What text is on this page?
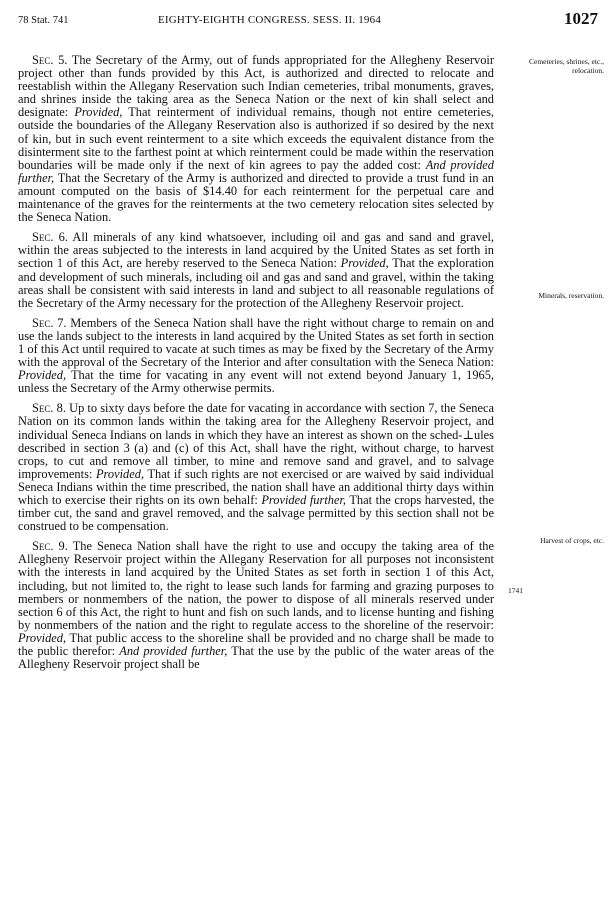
78 Stat. 741	EIGHTY-EIGHTH CONGRESS. SESS. II. 1964	1027

Sec. 5. The Secretary of the Army, out of funds appropriated for the Allegheny Reservoir project other than funds provided by this Act, is authorized and directed to relocate and reestablish within the Allegany Reservation such Indian cemeteries, tribal monuments, graves, and shrines inside the taking area as the Seneca Nation or the next of kin shall select and designate: Provided, That reinterment of individual remains, though not entire cemeteries, outside the boundaries of the Allegany Reservation also is authorized if so desired by the next of kin, but in such event reinterment to a site which exceeds the equivalent distance from the disinterment site to the farthest point at which reinterment could be made within the reservation boundaries will be made only if the next of kin agrees to pay the added cost: And provided further, That the Secretary of the Army is authorized and directed to provide a trust fund in an amount computed on the basis of $14.40 for each reinterment for the perpetual care and maintenance of the graves for the reinterments at the two cemetery relocation sites selected by the Seneca Nation.

Sec. 6. All minerals of any kind whatsoever, including oil and gas and sand and gravel, within the areas subjected to the interests in land acquired by the United States as set forth in section 1 of this Act, are hereby reserved to the Seneca Nation: Provided, That the exploration and development of such minerals, including oil and gas and sand and gravel, within the taking areas shall be consistent with said interests in land and subject to all reasonable regulations of the Secretary of the Army necessary for the protection of the Allegheny Reservoir project.

Sec. 7. Members of the Seneca Nation shall have the right without charge to remain on and use the lands subject to the interests in land acquired by the United States as set forth in section 1 of this Act until required to vacate at such times as may be fixed by the Secretary of the Army with the approval of the Secretary of the Interior and after consultation with the Seneca Nation: Provided, That the time for vacating in any event will not extend beyond January 1, 1965, unless the Secretary of the Army otherwise permits.

Sec. 8. Up to sixty days before the date for vacating in accordance with section 7, the Seneca Nation on its common lands within the taking area for the Allegheny Reservoir project, and individual Seneca Indians on lands in which they have an interest as shown on the sched-⊥ules described in section 3 (a) and (c) of this Act, shall have the right, without charge, to harvest crops, to cut and remove all timber, to mine and remove sand and gravel, and to salvage improvements: Provided, That if such rights are not exercised or are waived by said individual Seneca Indians within the time prescribed, the nation shall have an additional thirty days within which to exercise their rights on its own behalf: Provided further, That the crops harvested, the timber cut, the sand and gravel removed, and the salvage permitted by this section shall not be construed to be compensation.

Sec. 9. The Seneca Nation shall have the right to use and occupy the taking area of the Allegheny Reservoir project within the Allegany Reservation for all purposes not inconsistent with the interests in land acquired by the United States as set forth in section 1 of this Act, including, but not limited to, the right to lease such lands for farming and grazing purposes to members or nonmembers of the nation, the power to dispose of all minerals reserved under section 6 of this Act, the right to hunt and fish on such lands, and to license hunting and fishing by nonmembers of the nation and the right to regulate access to the shoreline of the reservoir: Provided, That public access to the shoreline shall be provided and no charge shall be made to the public therefor: And provided further, That the use by the public of the water areas of the Allegheny Reservoir project shall be

Cemeteries, shrines, etc., relocation.
Minerals, reservation.
Harvest of crops, etc.
1741
